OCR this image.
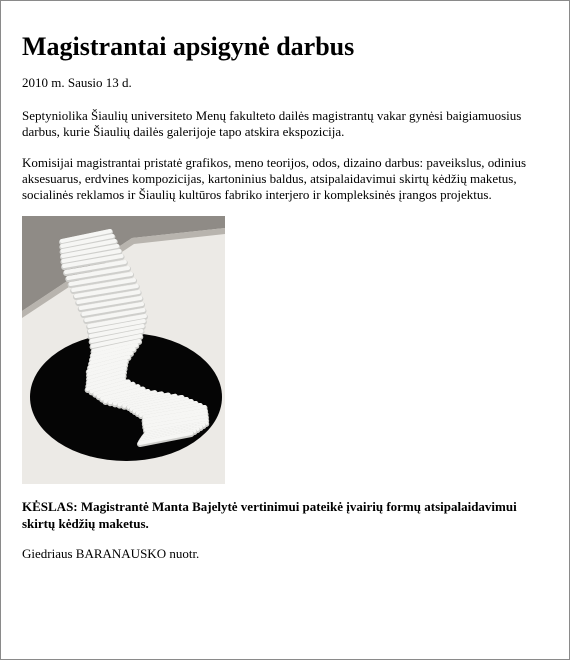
Magistrantai apsigynė darbus
2010 m. Sausio 13 d.

Septyniolika Šiaulių universiteto Menų fakulteto dailės magistrantų vakar gynėsi baigiamuosius darbus, kurie Šiaulių dailės galerijoje tapo atskira ekspozicija.

Komisijai magistrantai pristatė grafikos, meno teorijos, odos, dizaino darbus: paveikslus, odinius aksesuarus, erdvines kompozicijas, kartoninius baldus, atsipalaidavimui skirtų kėdžių maketus, socialinės reklamos ir Šiaulių kultūros fabriko interjero ir kompleksinės įrangos projektus.

KĖSLAS: Magistrantė Manta Bajelytė vertinimui pateikė įvairių formų atsipalaidavimui skirtų kėdžių maketus.

Giedriaus BARANAUSKO nuotr.
